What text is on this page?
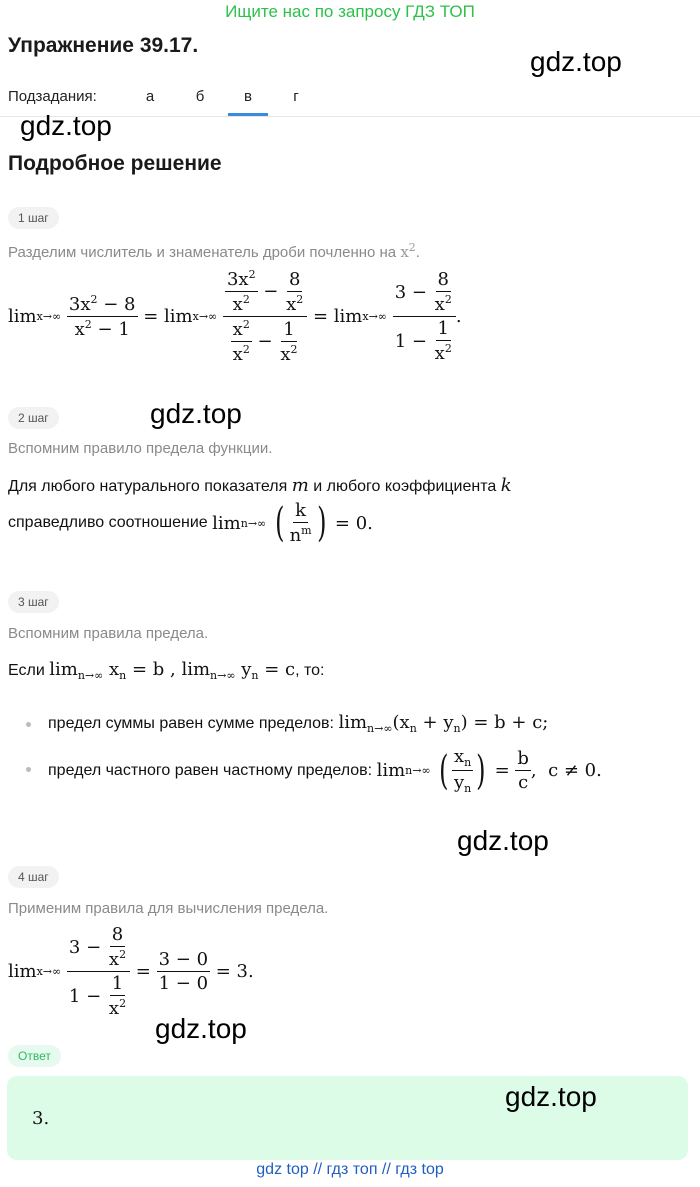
Ищите нас по запросу ГДЗ ТОП
Упражнение 39.17.
gdz.top
Подзадания:	а	б	в	г
gdz.top
Подробное решение
1 шаг
Разделим числитель и знаменатель дроби почленно на $x^2$.
lim x→∞
$\frac{3x^2 - 8}{x^2 - 1} = \lim x\to\infty$
$\frac{\frac{3x^2}{x^2} - \frac{8}{x^2}}{\frac{x^2}{x^2} - \frac{1}{x^2}} = \lim x\to\infty$
$\frac{3 - \frac{8}{x^2}}{1 - \frac{1}{x^2}}$ .
2 шаг	gdz.top
Вспомним правило предела функции.
Для любого натурального показателя m и любого коэффициента k
справедливо соотношение
lim n→∞
( $\frac{k}{n^m}$ ) = 0.
3 шаг
Вспомним правила предела.
Если $\lim_{n\to\infty} x_n = b$ , $\lim_{n\to\infty} y_n = c$, то:
предел суммы равен сумме пределов: $\lim_{n\to\infty}(x_n + y_n) = b + c$;
предел частного равен частному пределов:
lim n→∞
( $\frac{x_n}{y_n}$ ) = $\frac{b}{c}$ ,  c ≠ 0.
gdz.top
4 шаг
Применим правила для вычисления предела.
lim x→∞
$\frac{3 - \frac{8}{x^2}}{1 - \frac{1}{x^2}} = \frac{3 - 0}{1 - 0} = 3$.
gdz.top
Ответ
3.
gdz.top
gdz top // гдз топ // гдз top
